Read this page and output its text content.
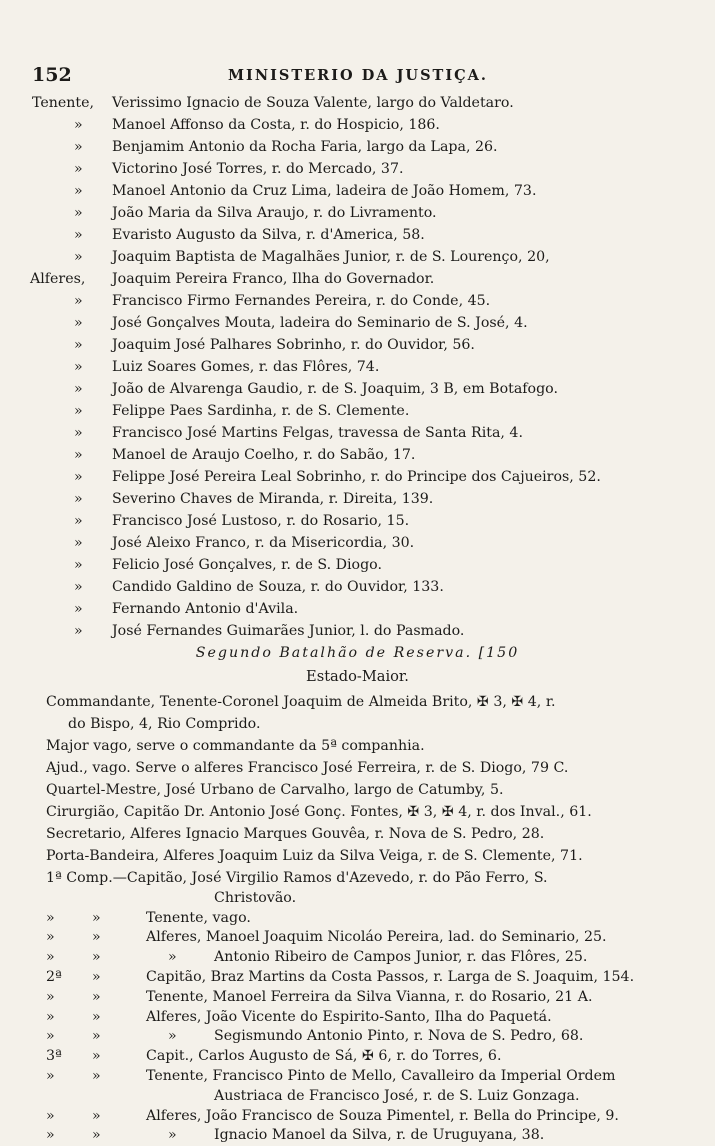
152	MINISTERIO DA JUSTIÇA.
Tenente, Verissimo Ignacio de Souza Valente, largo do Valdetaro.
» Manoel Affonso da Costa, r. do Hospicio, 186.
» Benjamim Antonio da Rocha Faria, largo da Lapa, 26.
» Victorino José Torres, r. do Mercado, 37.
» Manoel Antonio da Cruz Lima, ladeira de João Homem, 73.
» João Maria da Silva Araujo, r. do Livramento.
» Evaristo Augusto da Silva, r. d'America, 58.
» Joaquim Baptista de Magalhães Junior, r. de S. Lourenço, 20,
Alferes, Joaquim Pereira Franco, Ilha do Governador.
» Francisco Firmo Fernandes Pereira, r. do Conde, 45.
» José Gonçalves Mouta, ladeira do Seminario de S. José, 4.
» Joaquim José Palhares Sobrinho, r. do Ouvidor, 56.
» Luiz Soares Gomes, r. das Flôres, 74.
» João de Alvarenga Gaudio, r. de S. Joaquim, 3 B, em Botafogo.
» Felippe Paes Sardinha, r. de S. Clemente.
» Francisco José Martins Felgas, travessa de Santa Rita, 4.
» Manoel de Araujo Coelho, r. do Sabão, 17.
» Felippe José Pereira Leal Sobrinho, r. do Principe dos Cajueiros, 52.
» Severino Chaves de Miranda, r. Direita, 139.
» Francisco José Lustoso, r. do Rosario, 15.
» José Aleixo Franco, r. da Misericordia, 30.
» Felicio José Gonçalves, r. de S. Diogo.
» Candido Galdino de Souza, r. do Ouvidor, 133.
» Fernando Antonio d'Avila.
» José Fernandes Guimarães Junior, l. do Pasmado.
Segundo Batalhão de Reserva. [150
Estado-Maior.
Commandante, Tenente-Coronel Joaquim de Almeida Brito, ✠ 3, ✠ 4, r.
do Bispo, 4, Rio Comprido.
Major vago, serve o commandante da 5ª companhia.
Ajud., vago. Serve o alferes Francisco José Ferreira, r. de S. Diogo, 79 C.
Quartel-Mestre, José Urbano de Carvalho, largo de Catumby, 5.
Cirurgião, Capitão Dr. Antonio José Gonç. Fontes, ✠ 3, ✠ 4, r. dos Inval., 61.
Secretario, Alferes Ignacio Marques Gouvêa, r. Nova de S. Pedro, 28.
Porta-Bandeira, Alferes Joaquim Luiz da Silva Veiga, r. de S. Clemente, 71.
1ª Comp.—Capitão, José Virgilio Ramos d'Azevedo, r. do Pão Ferro, S.
Christovão.
»	»	Tenente, vago.
»	»	Alferes, Manoel Joaquim Nicoláo Pereira, lad. do Seminario, 25.
»	»	»	Antonio Ribeiro de Campos Junior, r. das Flôres, 25.
2ª »	Capitão, Braz Martins da Costa Passos, r. Larga de S. Joaquim, 154.
»	»	Tenente, Manoel Ferreira da Silva Vianna, r. do Rosario, 21 A.
»	»	Alferes, João Vicente do Espirito-Santo, Ilha do Paquetá.
»	»	»	Segismundo Antonio Pinto, r. Nova de S. Pedro, 68.
3ª »	Capit., Carlos Augusto de Sá, ✠ 6, r. do Torres, 6.
»	»	Tenente, Francisco Pinto de Mello, Cavalleiro da Imperial Ordem
Austriaca de Francisco José, r. de S. Luiz Gonzaga.
»	»	Alferes, João Francisco de Souza Pimentel, r. Bella do Principe, 9.
»	»	»	Ignacio Manoel da Silva, r. de Uruguyana, 38.
